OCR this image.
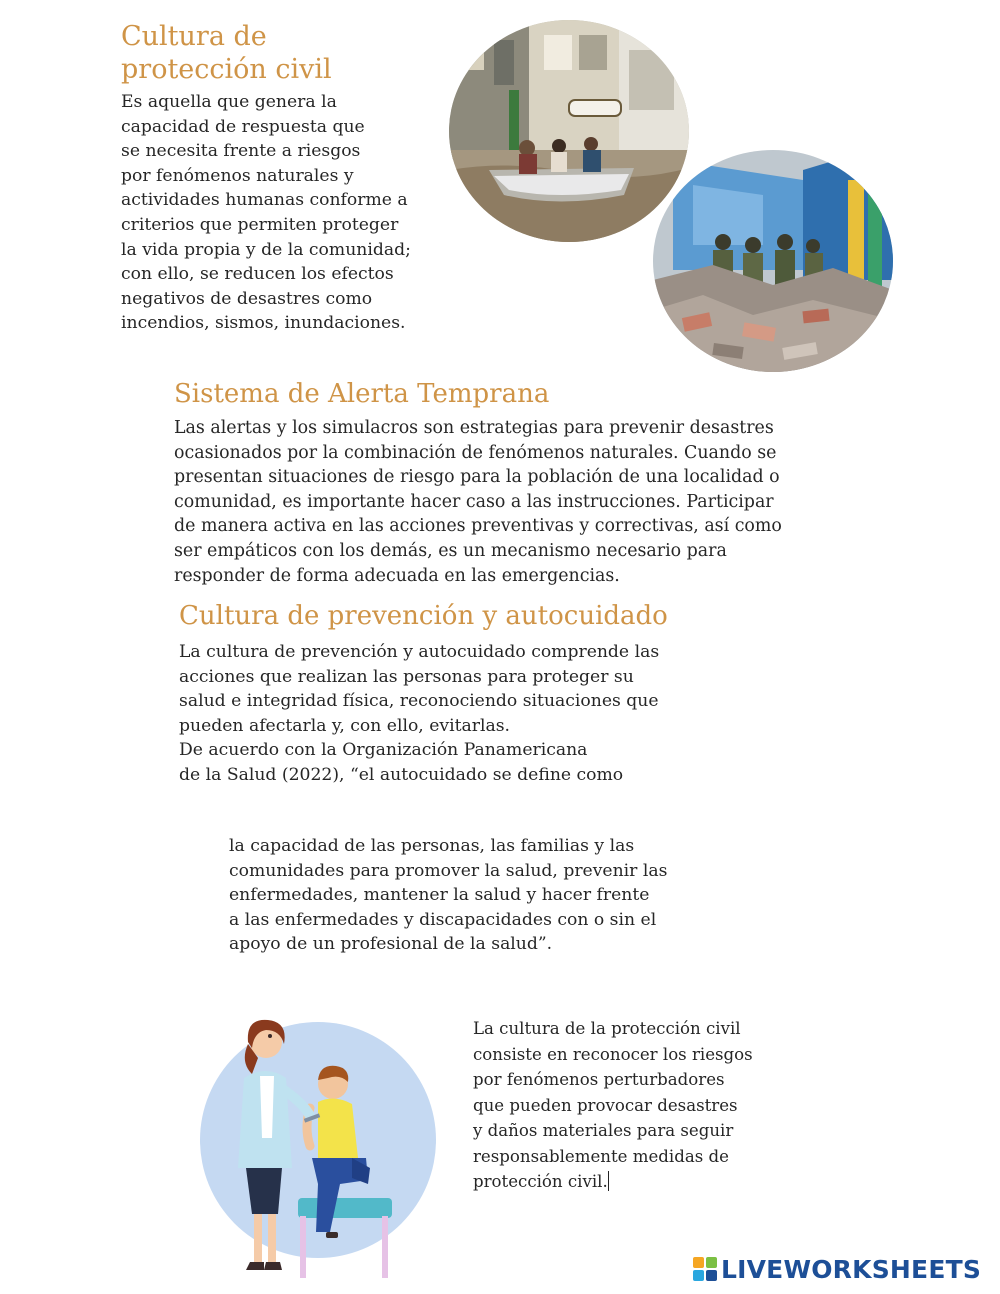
Cultura de
protección civil

Es aquella que genera la
capacidad de respuesta que
se necesita frente a riesgos
por fenómenos naturales y
actividades humanas conforme a
criterios que permiten proteger
la vida propia y de la comunidad;
con ello, se reducen los efectos
negativos de desastres como
incendios, sismos, inundaciones.

Sistema de Alerta Temprana

Las alertas y los simulacros son estrategias para prevenir desastres
ocasionados por la combinación de fenómenos naturales. Cuando se
presentan situaciones de riesgo para la población de una localidad o
comunidad, es importante hacer caso a las instrucciones. Participar
de manera activa en las acciones preventivas y correctivas, así como
ser empáticos con los demás, es un mecanismo necesario para
responder de forma adecuada en las emergencias.

Cultura de prevención y autocuidado

La cultura de prevención y autocuidado comprende las
acciones que realizan las personas para proteger su
salud e integridad física, reconociendo situaciones que
pueden afectarla y, con ello, evitarlas.
De acuerdo con la Organización Panamericana
de la Salud (2022), “el autocuidado se define como

la capacidad de las personas, las familias y las
comunidades para promover la salud, prevenir las
enfermedades, mantener la salud y hacer frente
a las enfermedades y discapacidades con o sin el
apoyo de un profesional de la salud”.

La cultura de la protección civil
consiste en reconocer los riesgos
por fenómenos perturbadores
que pueden provocar desastres
y daños materiales para seguir
responsablemente medidas de
protección civil.

LIVEWORKSHEETS
